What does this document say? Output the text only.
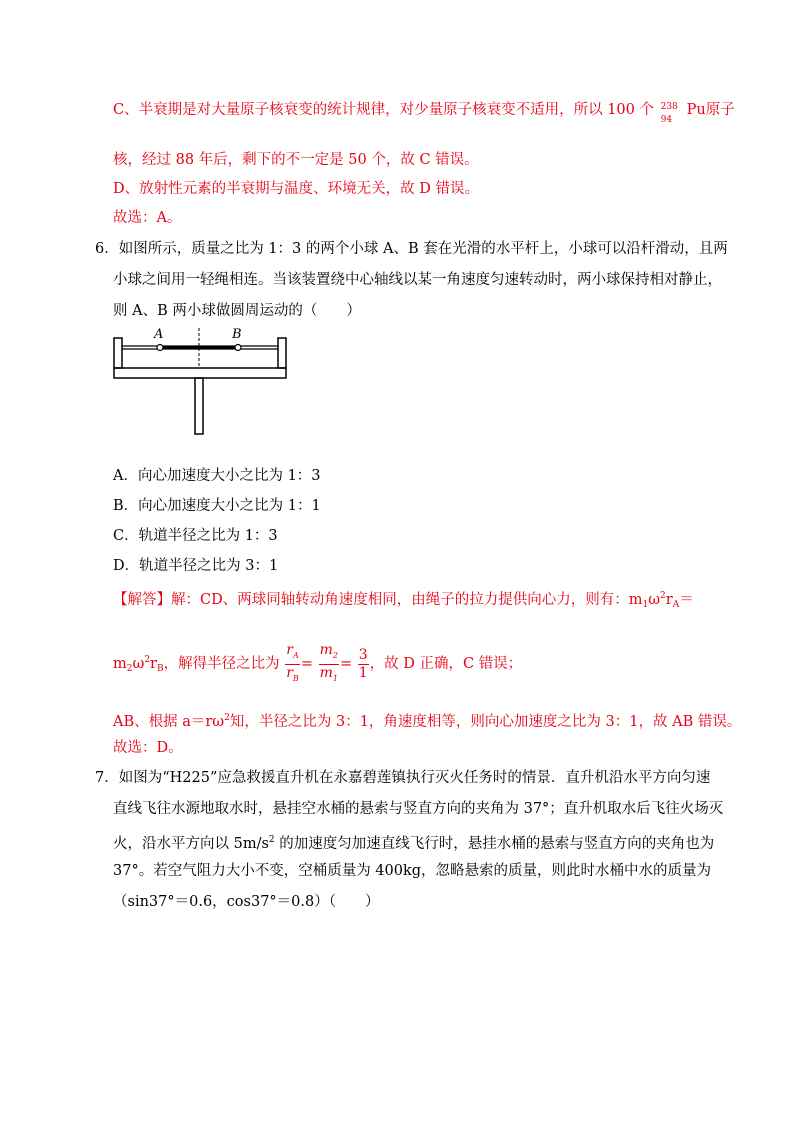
C、半衰期是对大量原子核衰变的统计规律，对少量原子核衰变不适用，所以 100 个 238
94
Pu原子
核，经过 88 年后，剩下的不一定是 50 个，故 C 错误。
D、放射性元素的半衰期与温度、环境无关，故 D 错误。
故选：A。
6．如图所示，质量之比为 1：3 的两个小球 A、B 套在光滑的水平杆上，小球可以沿杆滑动，且两
小球之间用一轻绳相连。当该装置绕中心轴线以某一角速度匀速转动时，两小球保持相对静止，
则 A、B 两小球做圆周运动的（　　）
A	B
A．向心加速度大小之比为 1：3
B．向心加速度大小之比为 1：1
C．轨道半径之比为 1：3
D．轨道半径之比为 3：1
【解答】解：CD、两球同轴转动角速度相同，由绳子的拉力提供向心力，则有：$m_1\omega^2r_A=$
$m_2\omega^2r_B$，解得半径之比为 $\frac{r_A}{r_B} = \frac{m_2}{m_1} = \frac{3}{1}$ ，故 D 正确，C 错误；
AB、根据 $a=r\omega^2$知，半径之比为 3：1，角速度相等，则向心加速度之比为 3：1，故 AB 错误。
故选：D。
7．如图为“H225”应急救援直升机在永嘉碧莲镇执行灭火任务时的情景．直升机沿水平方向匀速
直线飞往水源地取水时，悬挂空水桶的悬索与竖直方向的夹角为 37°；直升机取水后飞往火场灭
火，沿水平方向以 $5m/s^2$ 的加速度匀加速直线飞行时，悬挂水桶的悬索与竖直方向的夹角也为
37°。若空气阻力大小不变，空桶质量为 400kg，忽略悬索的质量，则此时水桶中水的质量为
（sin37°＝0.6，cos37°＝0.8）（　　）
